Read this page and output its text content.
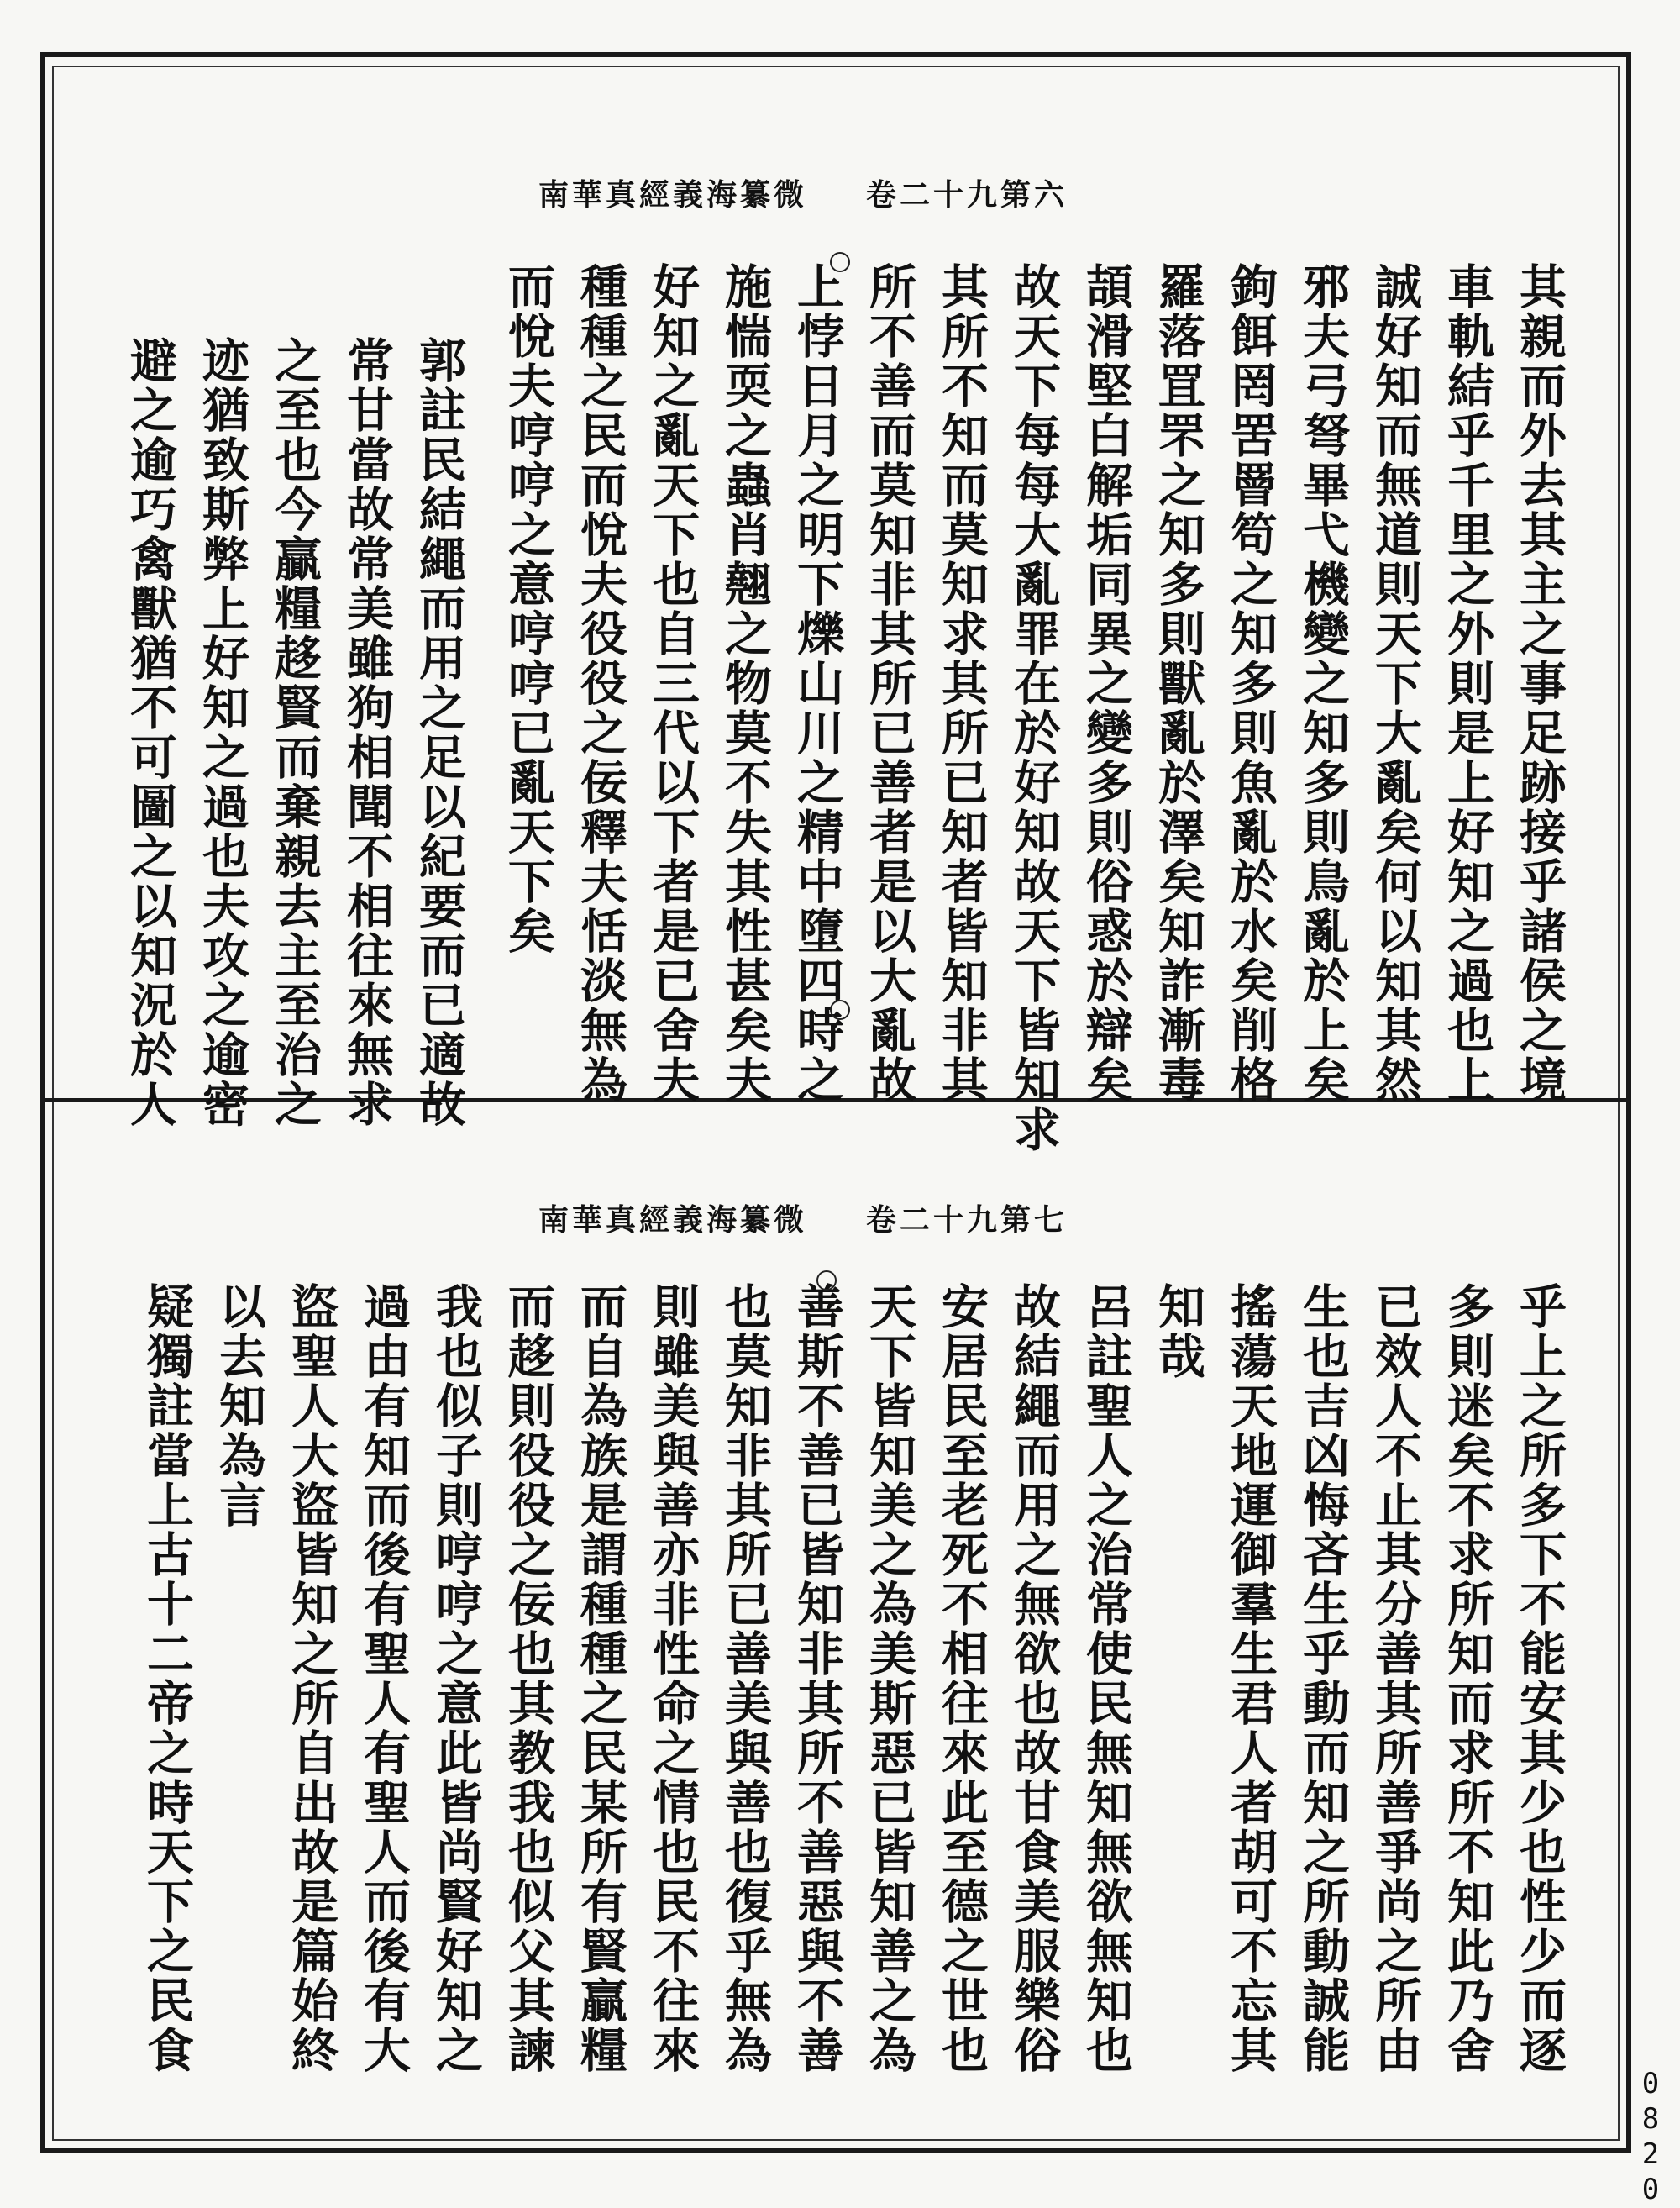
南華真經義海纂微 卷二十九第六
其親而外去其主之事足跡接乎諸侯之境
車軌結乎千里之外則是上好知之過也上
誠好知而無道則天下大亂矣何以知其然
邪夫弓弩畢弋機變之知多則鳥亂於上矣
鉤餌罔罟罾笱之知多則魚亂於水矣削格
羅落罝罘之知多則獸亂於澤矣知詐漸毒
頡滑堅白解垢同異之變多則俗惑於辯矣
故天下每每大亂罪在於好知故天下皆知求
其所不知而莫知求其所已知者皆知非其
所不善而莫知非其所已善者是以大亂故
上悖日月之明下爍山川之精中墮四時之
施惴耎之蟲肖翹之物莫不失其性甚矣夫
好知之亂天下也自三代以下者是已舍夫
種種之民而悅夫役役之佞釋夫恬淡無為
而悅夫哼哼之意哼哼已亂天下矣
郭註民結繩而用之足以紀要而已適故
常甘當故常美雖狗相聞不相往來無求
之至也今贏糧趍賢而棄親去主至治之
迹猶致斯弊上好知之過也夫攻之逾密
避之逾巧禽獸猶不可圖之以知況於人
南華真經義海纂微 卷二十九第七
乎上之所多下不能安其少也性少而逐
多則迷矣不求所知而求所不知此乃舍
已效人不止其分善其所善爭尚之所由
生也吉凶悔吝生乎動而知之所動誠能
搖蕩天地運御羣生君人者胡可不忘其
知哉
呂註聖人之治常使民無知無欲無知也
故結繩而用之無欲也故甘食美服樂俗
安居民至老死不相往來此至德之世也
天下皆知美之為美斯惡已皆知善之為
善斯不善已皆知非其所不善惡與不善
也莫知非其所已善美與善也復乎無為
則雖美與善亦非性命之情也民不往來
而自為族是謂種種之民某所有賢贏糧
而趍則役役之佞也其教我也似父其諫
我也似子則哼哼之意此皆尚賢好知之
過由有知而後有聖人有聖人而後有大
盜聖人大盜皆知之所自出故是篇始終
以去知為言
疑獨註當上古十二帝之時天下之民食
0820
